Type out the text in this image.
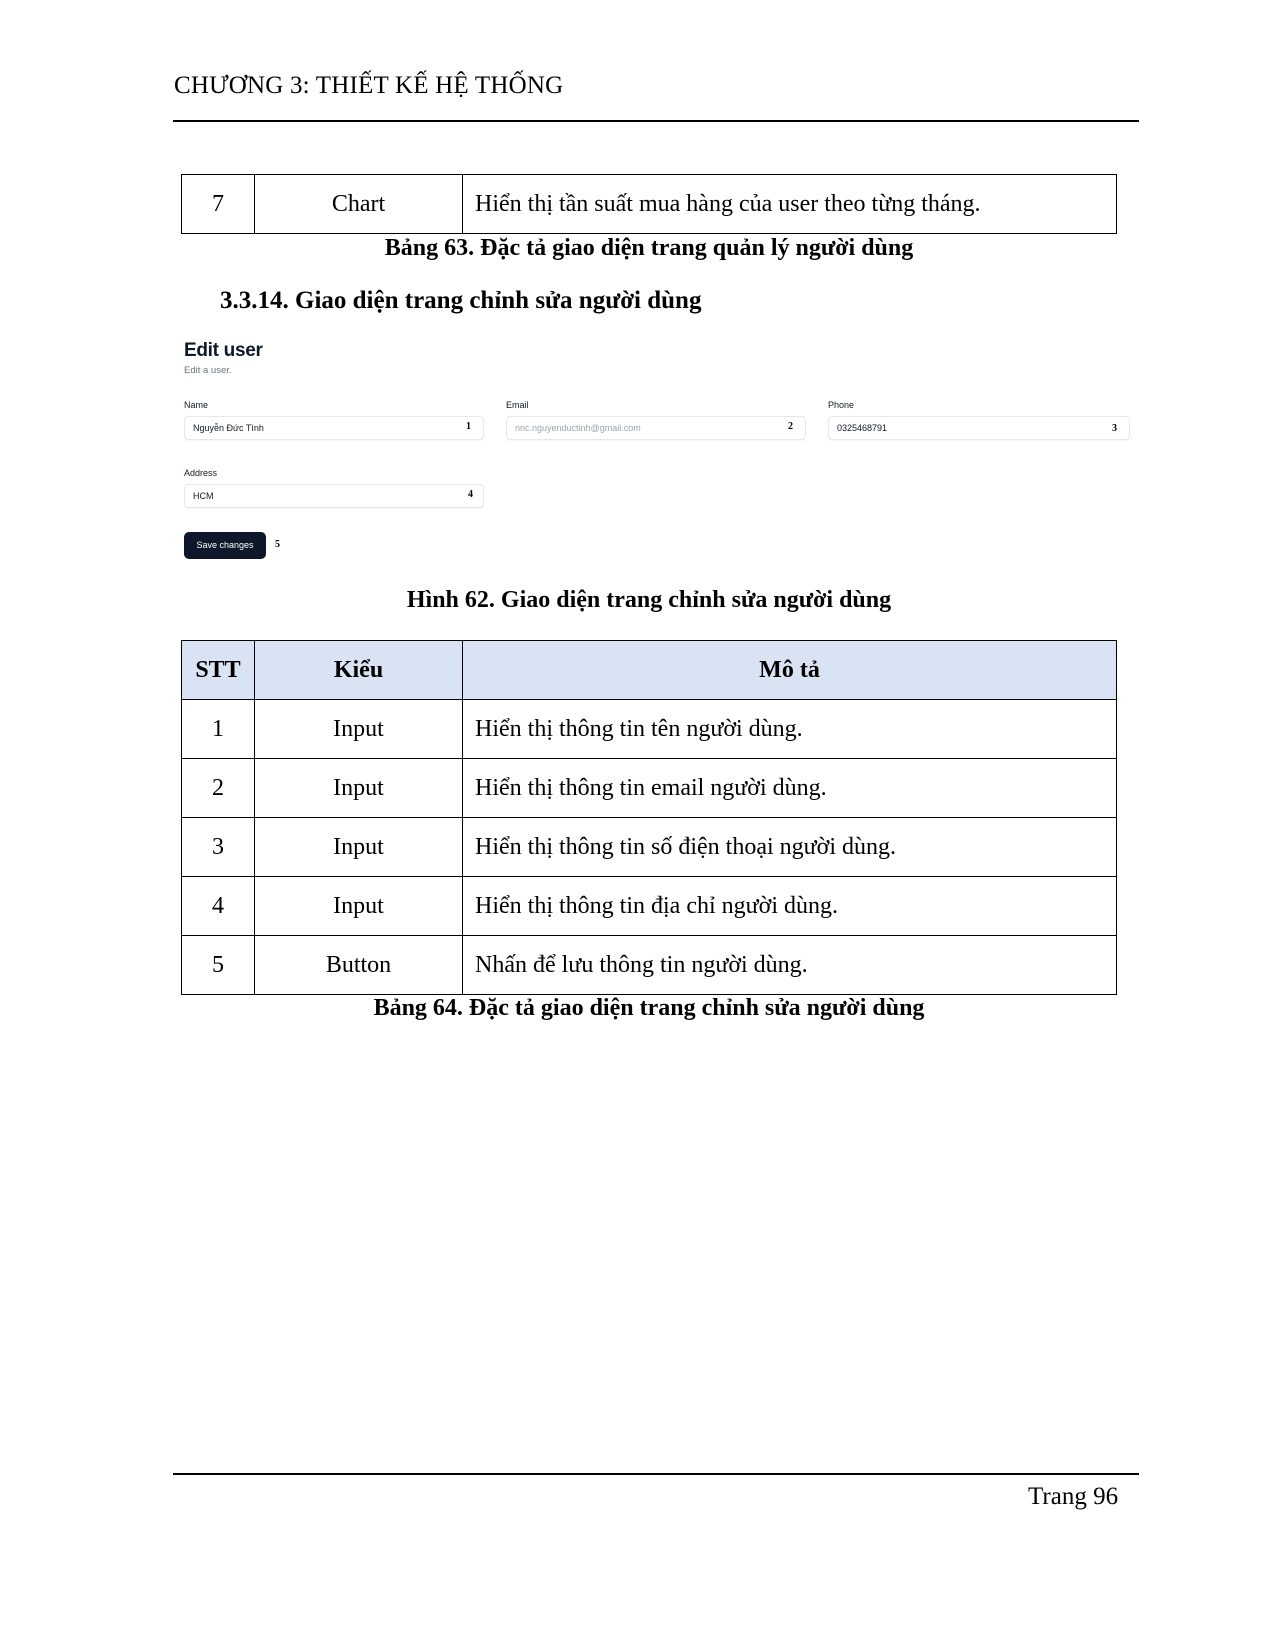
CHƯƠNG 3: THIẾT KẾ HỆ THỐNG
7	Chart	Hiển thị tần suất mua hàng của user theo từng tháng.
Bảng 63. Đặc tả giao diện trang quản lý người dùng
3.3.14. Giao diện trang chỉnh sửa người dùng
Edit user
Edit a user.
Name
Nguyễn Đức Tình	1
Email
nnc.nguyenductinh@gmail.com	2
Phone
0325468791	3
Address
HCM	4
Save changes	5
Hình 62. Giao diện trang chỉnh sửa người dùng
STT	Kiểu	Mô tả
1	Input	Hiển thị thông tin tên người dùng.
2	Input	Hiển thị thông tin email người dùng.
3	Input	Hiển thị thông tin số điện thoại người dùng.
4	Input	Hiển thị thông tin địa chỉ người dùng.
5	Button	Nhấn để lưu thông tin người dùng.
Bảng 64. Đặc tả giao diện trang chỉnh sửa người dùng
Trang 96
